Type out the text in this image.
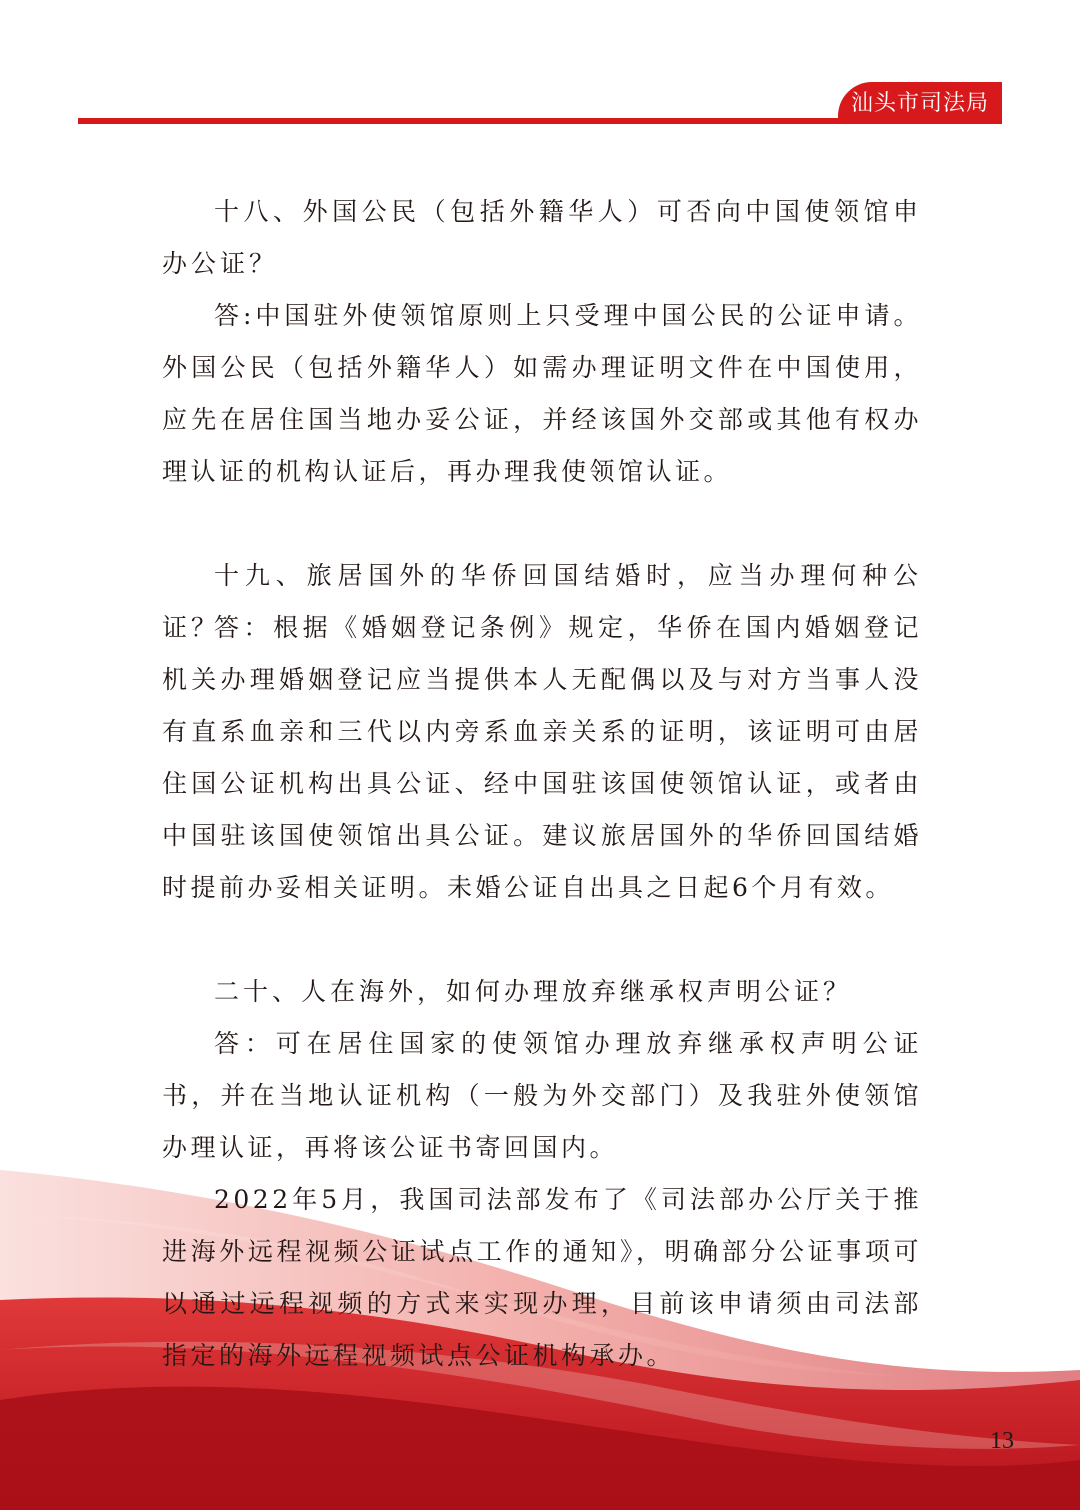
汕头市司法局

十八、外国公民（包括外籍华人）可否向中国使领馆申办公证？

答:中国驻外使领馆原则上只受理中国公民的公证申请。外国公民（包括外籍华人）如需办理证明文件在中国使用，应先在居住国当地办妥公证，并经该国外交部或其他有权办理认证的机构认证后，再办理我使领馆认证。

十九、旅居国外的华侨回国结婚时，应当办理何种公证？

答：根据《婚姻登记条例》规定，华侨在国内婚姻登记机关办理婚姻登记应当提供本人无配偶以及与对方当事人没有直系血亲和三代以内旁系血亲关系的证明，该证明可由居住国公证机构出具公证、经中国驻该国使领馆认证，或者由中国驻该国使领馆出具公证。建议旅居国外的华侨回国结婚时提前办妥相关证明。未婚公证自出具之日起6个月有效。

二十、人在海外，如何办理放弃继承权声明公证？

答：可在居住国家的使领馆办理放弃继承权声明公证书，并在当地认证机构（一般为外交部门）及我驻外使领馆办理认证，再将该公证书寄回国内。

2022年5月，我国司法部发布了《司法部办公厅关于推进海外远程视频公证试点工作的通知》，明确部分公证事项可以通过远程视频的方式来实现办理，目前该申请须由司法部指定的海外远程视频试点公证机构承办。

13
